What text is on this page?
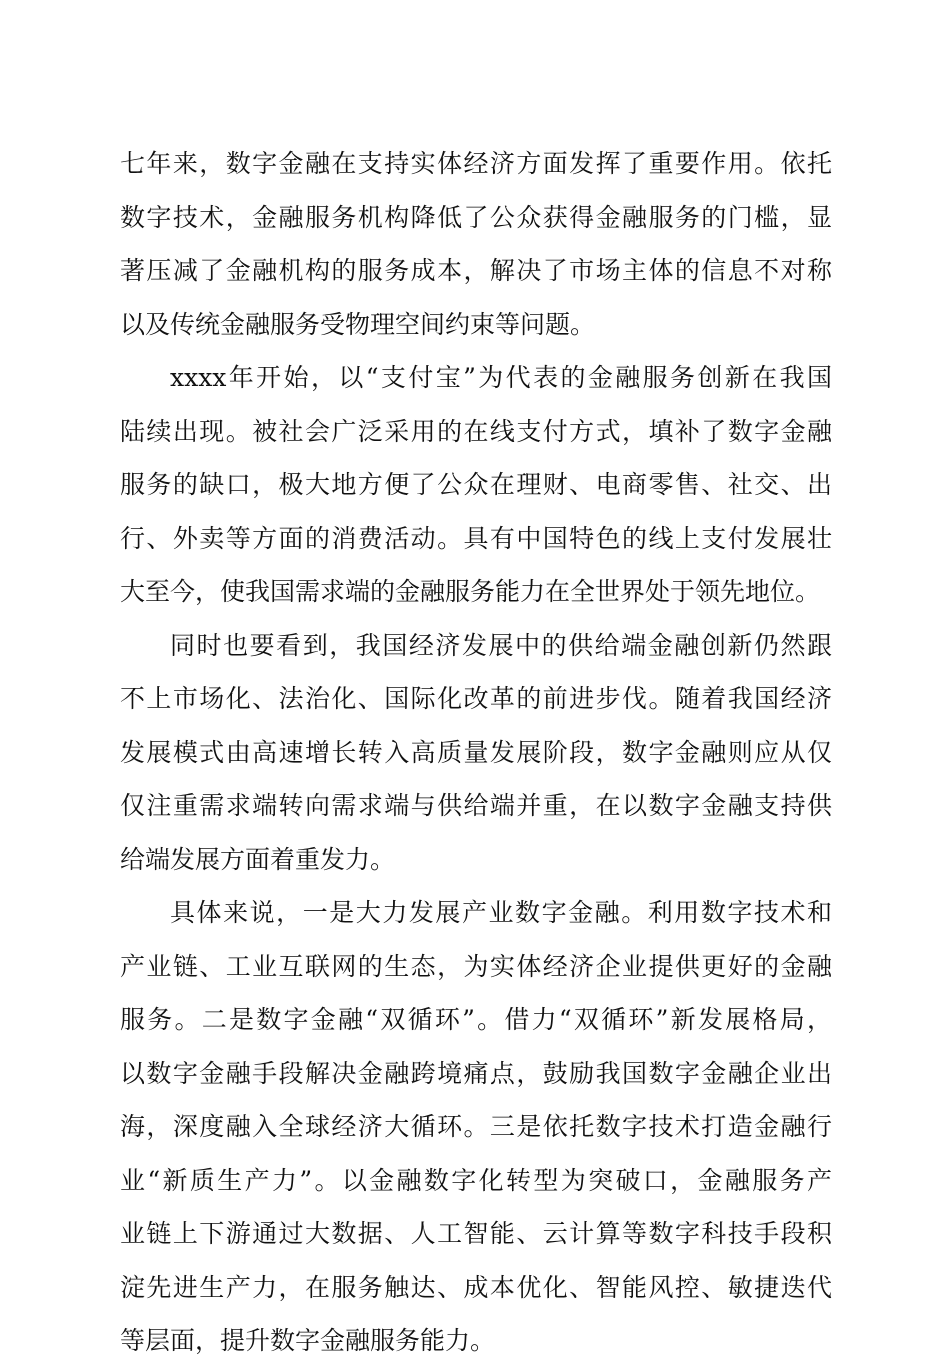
七年来，数字金融在支持实体经济方面发挥了重要作用。依托
数字技术，金融服务机构降低了公众获得金融服务的门槛，显
著压减了金融机构的服务成本，解决了市场主体的信息不对称
以及传统金融服务受物理空间约束等问题。
xxxx年开始，以“支付宝”为代表的金融服务创新在我国
陆续出现。被社会广泛采用的在线支付方式，填补了数字金融
服务的缺口，极大地方便了公众在理财、电商零售、社交、出
行、外卖等方面的消费活动。具有中国特色的线上支付发展壮
大至今，使我国需求端的金融服务能力在全世界处于领先地位。
同时也要看到，我国经济发展中的供给端金融创新仍然跟
不上市场化、法治化、国际化改革的前进步伐。随着我国经济
发展模式由高速增长转入高质量发展阶段，数字金融则应从仅
仅注重需求端转向需求端与供给端并重，在以数字金融支持供
给端发展方面着重发力。
具体来说，一是大力发展产业数字金融。利用数字技术和
产业链、工业互联网的生态，为实体经济企业提供更好的金融
服务。二是数字金融“双循环”。借力“双循环”新发展格局，
以数字金融手段解决金融跨境痛点，鼓励我国数字金融企业出
海，深度融入全球经济大循环。三是依托数字技术打造金融行
业“新质生产力”。以金融数字化转型为突破口，金融服务产
业链上下游通过大数据、人工智能、云计算等数字科技手段积
淀先进生产力，在服务触达、成本优化、智能风控、敏捷迭代
等层面，提升数字金融服务能力。
